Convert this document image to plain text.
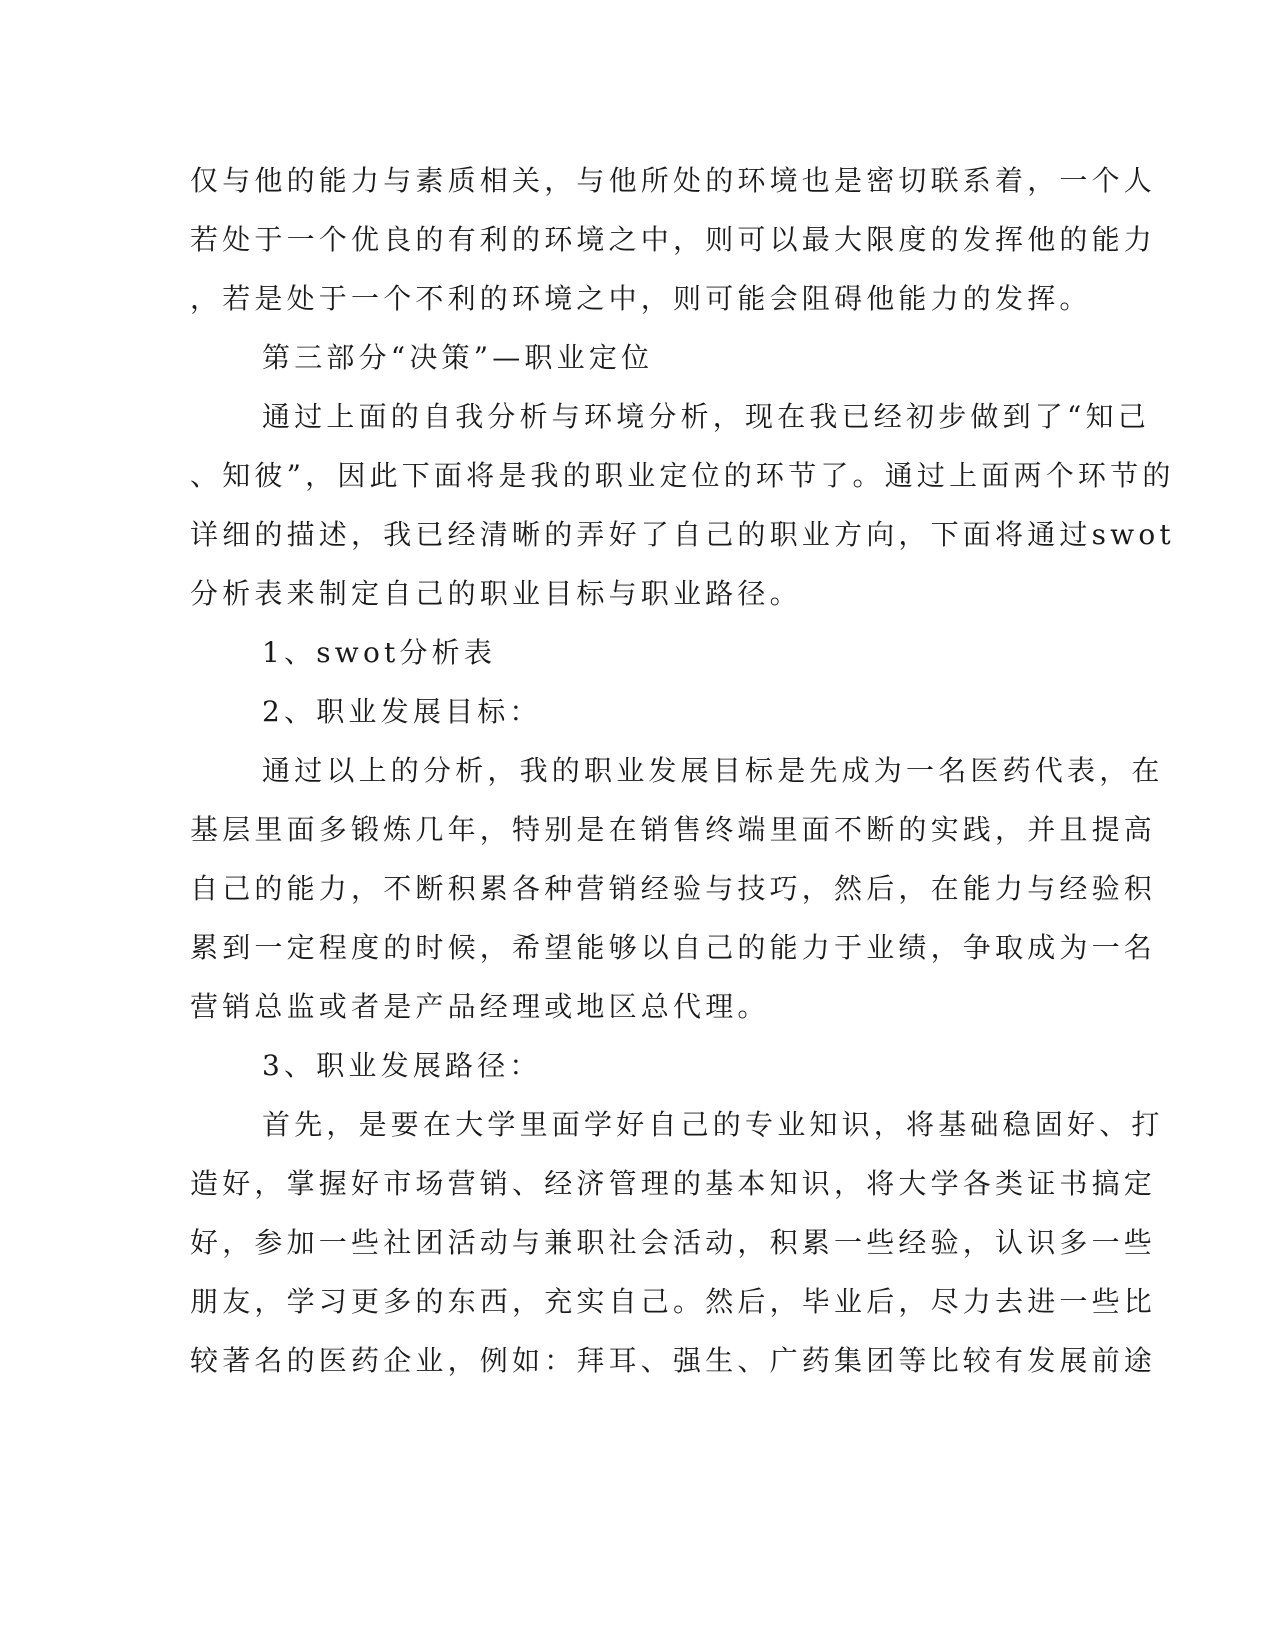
仅与他的能力与素质相关，与他所处的环境也是密切联系着，一个人
若处于一个优良的有利的环境之中，则可以最大限度的发挥他的能力
，若是处于一个不利的环境之中，则可能会阻碍他能力的发挥。
第三部分“决策”—职业定位
通过上面的自我分析与环境分析，现在我已经初步做到了“知己
、知彼”，因此下面将是我的职业定位的环节了。通过上面两个环节的
详细的描述，我已经清晰的弄好了自己的职业方向，下面将通过swot
分析表来制定自己的职业目标与职业路径。
1、swot分析表
2、职业发展目标：
通过以上的分析，我的职业发展目标是先成为一名医药代表，在
基层里面多锻炼几年，特别是在销售终端里面不断的实践，并且提高
自己的能力，不断积累各种营销经验与技巧，然后，在能力与经验积
累到一定程度的时候，希望能够以自己的能力于业绩，争取成为一名
营销总监或者是产品经理或地区总代理。
3、职业发展路径：
首先，是要在大学里面学好自己的专业知识，将基础稳固好、打
造好，掌握好市场营销、经济管理的基本知识，将大学各类证书搞定
好，参加一些社团活动与兼职社会活动，积累一些经验，认识多一些
朋友，学习更多的东西，充实自己。然后，毕业后，尽力去进一些比
较著名的医药企业，例如：拜耳、强生、广药集团等比较有发展前途
